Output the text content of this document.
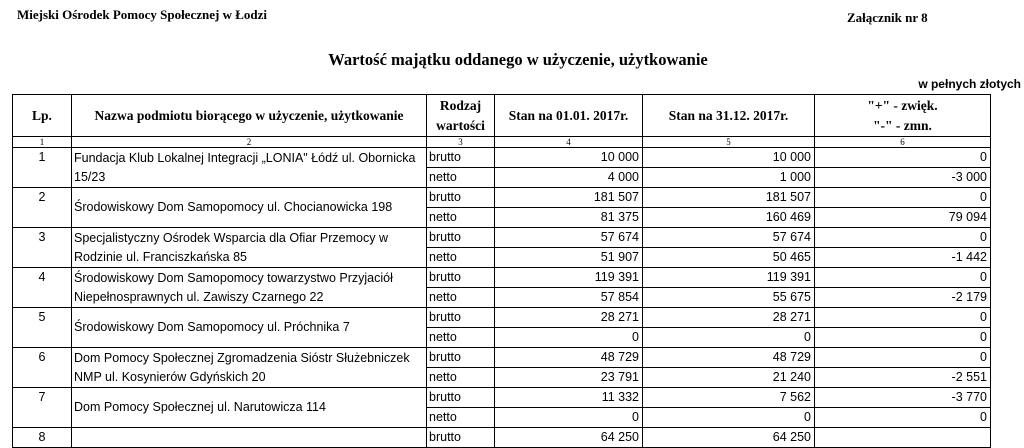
Miejski Ośrodek Pomocy Społecznej w Łodzi	Załącznik nr 8
Wartość majątku oddanego w użyczenie, użytkowanie
w pełnych złotych
Lp.	Nazwa podmiotu biorącego w użyczenie, użytkowanie	Rodzaj wartości	Stan na 01.01. 2017r.	Stan na 31.12. 2017r.	"+" - zwięk.
"-" - zmn.
1	2	3	4	5	6
1	Fundacja Klub Lokalnej Integracji „LONIA" Łódź ul. Obornicka 15/23	brutto	10 000	10 000	0
		netto	4 000	1 000	-3 000
2	Środowiskowy Dom Samopomocy ul. Chocianowicka 198	brutto	181 507	181 507	0
		netto	81 375	160 469	79 094
3	Specjalistyczny Ośrodek Wsparcia dla Ofiar Przemocy w Rodzinie ul. Franciszkańska 85	brutto	57 674	57 674	0
		netto	51 907	50 465	-1 442
4	Środowiskowy Dom Samopomocy towarzystwo Przyjaciół Niepełnosprawnych ul. Zawiszy Czarnego 22	brutto	119 391	119 391	0
		netto	57 854	55 675	-2 179
5	Środowiskowy Dom Samopomocy ul. Próchnika 7	brutto	28 271	28 271	0
		netto	0	0	0
6	Dom Pomocy Społecznej Zgromadzenia Sióstr Służebniczek NMP ul. Kosynierów Gdyńskich 20	brutto	48 729	48 729	0
		netto	23 791	21 240	-2 551
7	Dom Pomocy Społecznej ul. Narutowicza 114	brutto	11 332	7 562	-3 770
		netto	0	0	0
8		brutto	64 250	64 250	
